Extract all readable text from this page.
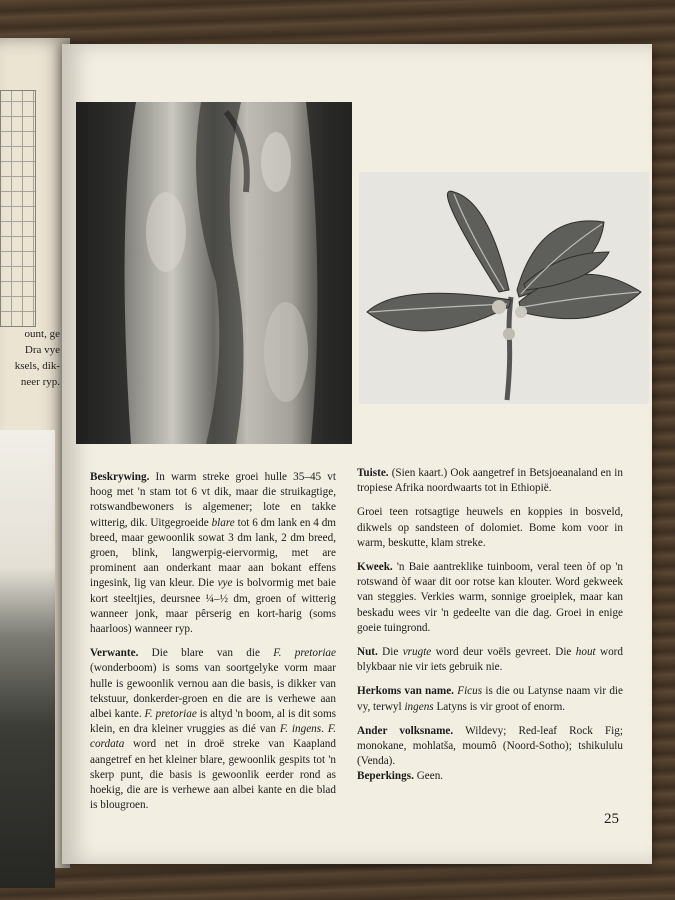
ount, ge
Dra vye
ksels, dik-
neer ryp.

Beskrywing. In warm streke groei hulle 35–45 vt hoog met 'n stam tot 6 vt dik, maar die struikagtige, rotswandbewoners is algemener; lote en takke witterig, dik. Uitgegroeide blare tot 6 dm lank en 4 dm breed, maar gewoonlik sowat 3 dm lank, 2 dm breed, groen, blink, langwerpig-eiervormig, met are prominent aan onderkant maar aan bokant effens ingesink, lig van kleur. Die vye is bolvormig met baie kort steeltjies, deursnee ¼–½ dm, groen of witterig wanneer jonk, maar pêrserig en kort-harig (soms haarloos) wanneer ryp.

Verwante. Die blare van die F. pretoriae (wonderboom) is soms van soortgelyke vorm maar hulle is gewoonlik vernou aan die basis, is dikker van tekstuur, donkerder-groen en die are is verhewe aan albei kante. F. pretoriae is altyd 'n boom, al is dit soms klein, en dra kleiner vruggies as dié van F. ingens. F. cordata word net in droë streke van Kaapland aangetref en het kleiner blare, gewoonlik gespits tot 'n skerp punt, die basis is gewoonlik eerder rond as hoekig, die are is verhewe aan albei kante en die blad is blougroen.

Tuiste. (Sien kaart.) Ook aangetref in Betsjoeanaland en in tropiese Afrika noordwaarts tot in Ethiopië.

Groei teen rotsagtige heuwels en koppies in bosveld, dikwels op sandsteen of dolomiet. Bome kom voor in warm, beskutte, klam streke.

Kweek. 'n Baie aantreklike tuinboom, veral teen òf op 'n rotswand òf waar dit oor rotse kan klouter. Word gekweek van steggies. Verkies warm, sonnige groeiplek, maar kan beskadu wees vir 'n gedeelte van die dag. Groei in enige goeie tuingrond.

Nut. Die vrugte word deur voëls gevreet. Die hout word blykbaar nie vir iets gebruik nie.

Herkoms van name. Ficus is die ou Latynse naam vir die vy, terwyl ingens Latyns is vir groot of enorm.

Ander volksname. Wildevy; Red-leaf Rock Fig; monokane, mohlatša, moumô (Noord-Sotho); tshikululu (Venda).

Beperkings. Geen.

25
